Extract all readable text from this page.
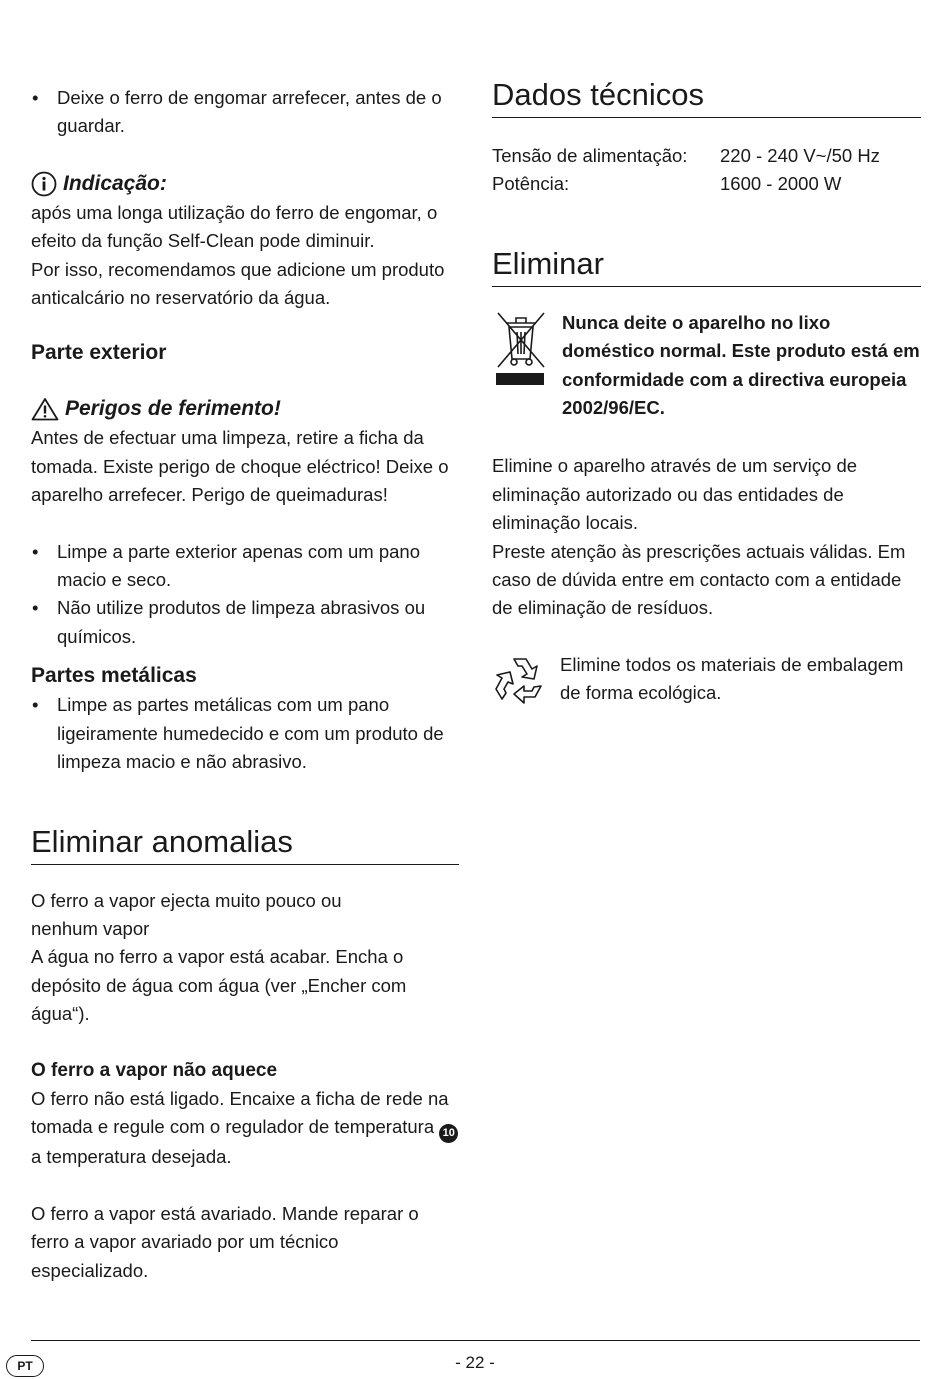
• Deixe o ferro de engomar arrefecer, antes de o guardar.
Indicação:

após uma longa utilização do ferro de engomar, o efeito da função Self-Clean pode diminuir.

Por isso, recomendamos que adicione um produto anticalcário no reservatório da água.

Parte exterior
Perigos de ferimento!

Antes de efectuar uma limpeza, retire a ficha da tomada. Existe perigo de choque eléctrico! Deixe o aparelho arrefecer. Perigo de queimaduras!

• Limpe a parte exterior apenas com um pano macio e seco.
• Não utilize produtos de limpeza abrasivos ou químicos.
Partes metálicas
• Limpe as partes metálicas com um pano ligeiramente humedecido e com um produto de limpeza macio e não abrasivo.
Eliminar anomalias

O ferro a vapor ejecta muito pouco ou nenhum vapor

A água no ferro a vapor está acabar. Encha o depósito de água com água (ver „Encher com água“).

O ferro a vapor não aquece

O ferro não está ligado. Encaixe a ficha de rede na tomada e regule com o regulador de temperatura 10 a temperatura desejada.

O ferro a vapor está avariado. Mande reparar o ferro a vapor avariado por um técnico especializado.

Dados técnicos
Tensão de alimentação:	220 - 240 V~/50 Hz
Potência:	1600 - 2000 W
Eliminar

Nunca deite o aparelho no lixo doméstico normal. Este produto está em conformidade com a directiva europeia 2002/96/EC.

Elimine o aparelho através de um serviço de eliminação autorizado ou das entidades de eliminação locais.

Preste atenção às prescrições actuais válidas. Em caso de dúvida entre em contacto com a entidade de eliminação de resíduos.

Elimine todos os materiais de embalagem de forma ecológica.

PT	- 22 -
